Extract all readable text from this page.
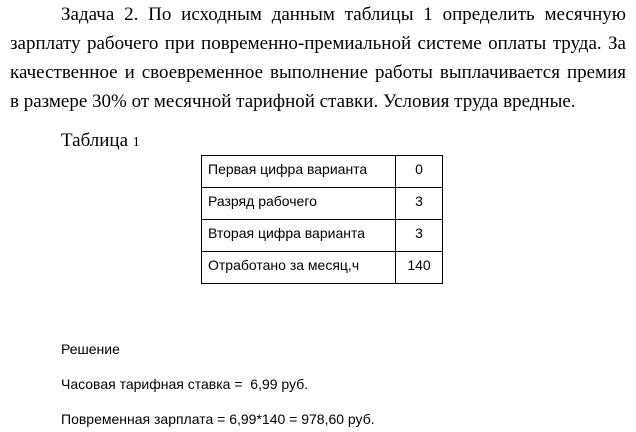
Задача 2. По исходным данным таблицы 1 определить месячную зарплату рабочего при повременно-премиальной системе оплаты труда. За качественное и своевременное выполнение работы выплачивается премия в размере 30% от месячной тарифной ставки. Условия труда вредные.

Таблица 1

Первая цифра варианта	0
Разряд рабочего	3
Вторая цифра варианта	3
Отработано за месяц,ч	140

Решение

Часовая тарифная ставка =  6,99 руб.

Повременная зарплата = 6,99*140 = 978,60 руб.
